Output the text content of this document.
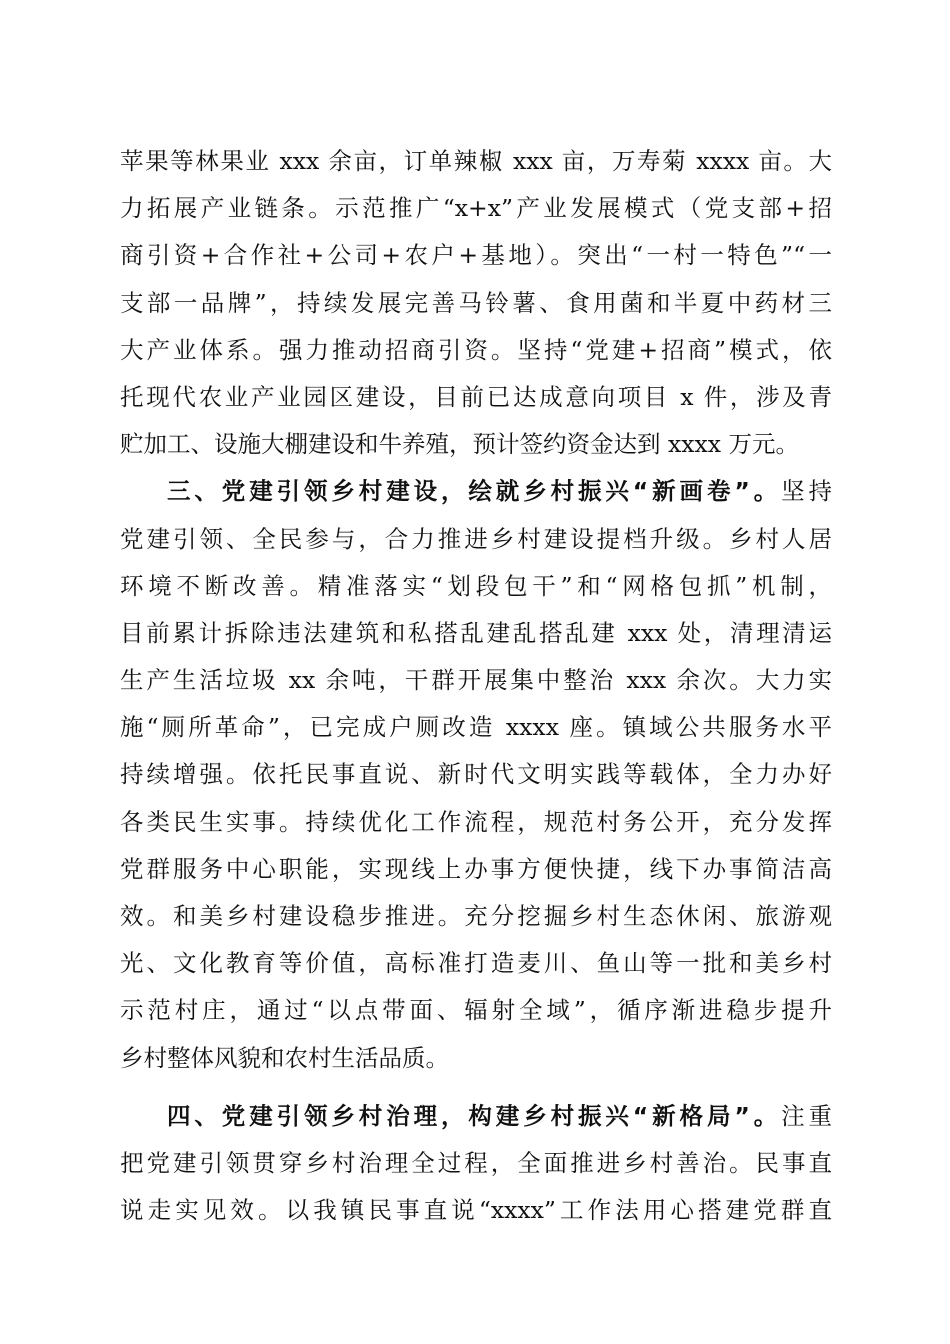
苹果等林果业 xxx 余亩，订单辣椒 xxx 亩，万寿菊 xxxx 亩。大
力拓展产业链条。示范推广“x+x”产业发展模式（党支部+招
商引资+合作社+公司+农户+基地）。突出“一村一特色”“一
支部一品牌”，持续发展完善马铃薯、食用菌和半夏中药材三
大产业体系。强力推动招商引资。坚持“党建+招商”模式，依
托现代农业产业园区建设，目前已达成意向项目 x 件，涉及青
贮加工、设施大棚建设和牛养殖，预计签约资金达到 xxxx 万元。
三、党建引领乡村建设，绘就乡村振兴“新画卷”。坚持
党建引领、全民参与，合力推进乡村建设提档升级。乡村人居
环境不断改善。精准落实“划段包干”和“网格包抓”机制，
目前累计拆除违法建筑和私搭乱建乱搭乱建 xxx 处，清理清运
生产生活垃圾 xx 余吨，干群开展集中整治 xxx 余次。大力实
施“厕所革命”，已完成户厕改造 xxxx 座。镇域公共服务水平
持续增强。依托民事直说、新时代文明实践等载体，全力办好
各类民生实事。持续优化工作流程，规范村务公开，充分发挥
党群服务中心职能，实现线上办事方便快捷，线下办事简洁高
效。和美乡村建设稳步推进。充分挖掘乡村生态休闲、旅游观
光、文化教育等价值，高标准打造麦川、鱼山等一批和美乡村
示范村庄，通过“以点带面、辐射全域”，循序渐进稳步提升
乡村整体风貌和农村生活品质。
四、党建引领乡村治理，构建乡村振兴“新格局”。注重
把党建引领贯穿乡村治理全过程，全面推进乡村善治。民事直
说走实见效。以我镇民事直说“xxxx”工作法用心搭建党群直
